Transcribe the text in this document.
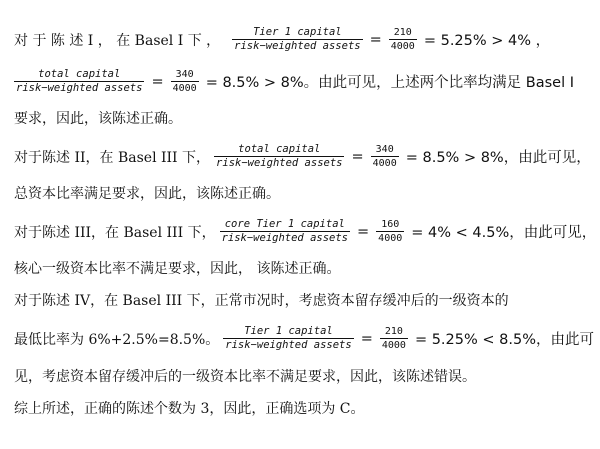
对 于 陈 述 Ⅰ ， 在 Basel Ⅰ 下 ， $\frac{\text{Tier 1 capital}}{\text{risk−weighted assets}} = \frac{210}{4000} = 5.25\% > 4\%$ ，
$\frac{\text{total capital}}{\text{risk−weighted assets}} = \frac{340}{4000} = 8.5\% > 8\%$。由此可见，上述两个比率均满足 Basel I
要求，因此，该陈述正确。
对于陈述 II，在 Basel III 下， $\frac{\text{total capital}}{\text{risk−weighted assets}} = \frac{340}{4000} = 8.5\% > 8\%$，由此可见，
总资本比率满足要求，因此，该陈述正确。
对于陈述 III，在 Basel III 下， $\frac{\text{core Tier 1 capital}}{\text{risk−weighted assets}} = \frac{160}{4000} = 4\% < 4.5\%$，由此可见，
核心一级资本比率不满足要求，因此， 该陈述正确。
对于陈述 IV，在 Basel III 下，正常市况时，考虑资本留存缓冲后的一级资本的
最低比率为 6%+2.5%=8.5%。 $\frac{\text{Tier 1 capital}}{\text{risk−weighted assets}} = \frac{210}{4000} = 5.25\% < 8.5\%$，由此可
见，考虑资本留存缓冲后的一级资本比率不满足要求，因此，该陈述错误。
综上所述，正确的陈述个数为 3，因此，正确选项为 C。
